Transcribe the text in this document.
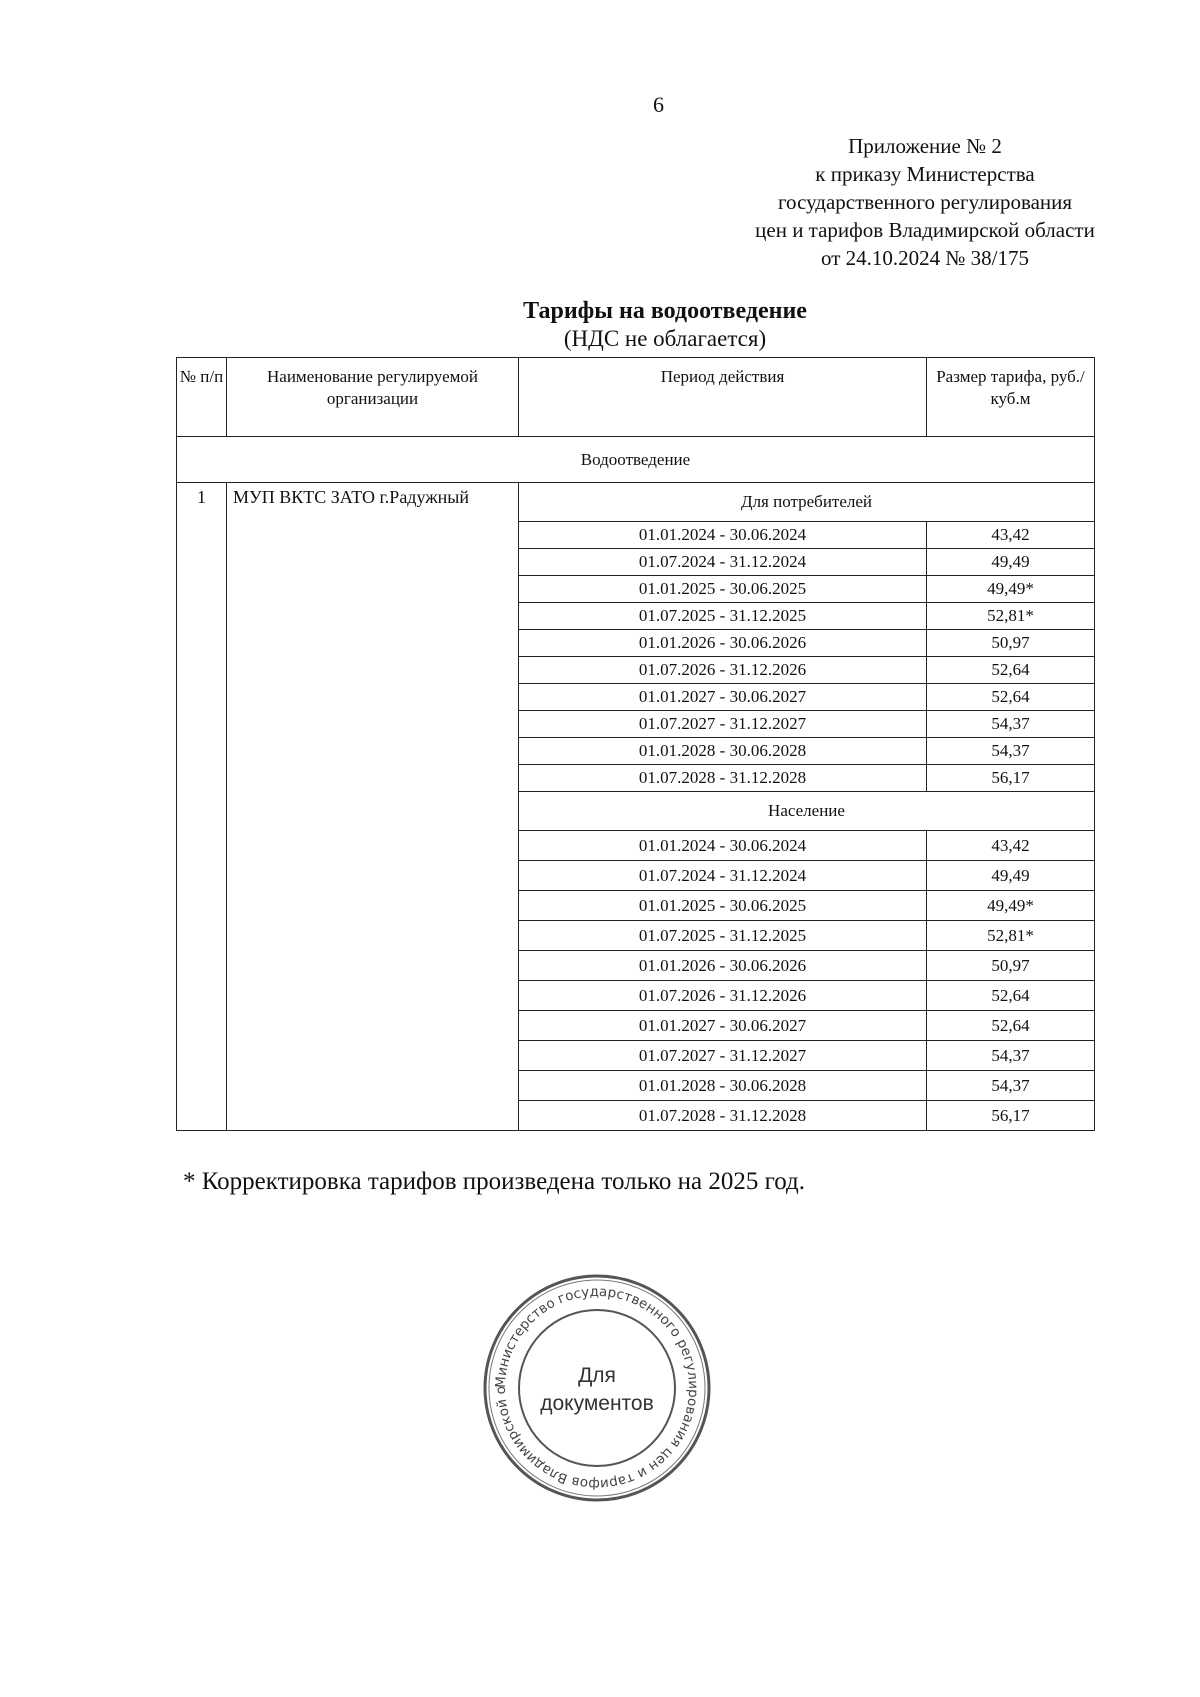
6
Приложение № 2
к приказу Министерства
государственного регулирования
цен и тарифов Владимирской области
от 24.10.2024 № 38/175
Тарифы на водоотведение
(НДС не облагается)
№ п/п	Наименование регулируемой организации	Период действия	Размер тарифа, руб./куб.м
Водоотведение			
1	МУП ВКТС ЗАТО г.Радужный	Для потребителей	
		01.01.2024 - 30.06.2024	43,42
		01.07.2024 - 31.12.2024	49,49
		01.01.2025 - 30.06.2025	49,49*
		01.07.2025 - 31.12.2025	52,81*
		01.01.2026 - 30.06.2026	50,97
		01.07.2026 - 31.12.2026	52,64
		01.01.2027 - 30.06.2027	52,64
		01.07.2027 - 31.12.2027	54,37
		01.01.2028 - 30.06.2028	54,37
		01.07.2028 - 31.12.2028	56,17
		Население	
		01.01.2024 - 30.06.2024	43,42
		01.07.2024 - 31.12.2024	49,49
		01.01.2025 - 30.06.2025	49,49*
		01.07.2025 - 31.12.2025	52,81*
		01.01.2026 - 30.06.2026	50,97
		01.07.2026 - 31.12.2026	52,64
		01.01.2027 - 30.06.2027	52,64
		01.07.2027 - 31.12.2027	54,37
		01.01.2028 - 30.06.2028	54,37
		01.07.2028 - 31.12.2028	56,17
* Корректировка тарифов произведена только на 2025 год.
Министерство государственного регулирования цен и тарифов Владимирской о
Для
документов
